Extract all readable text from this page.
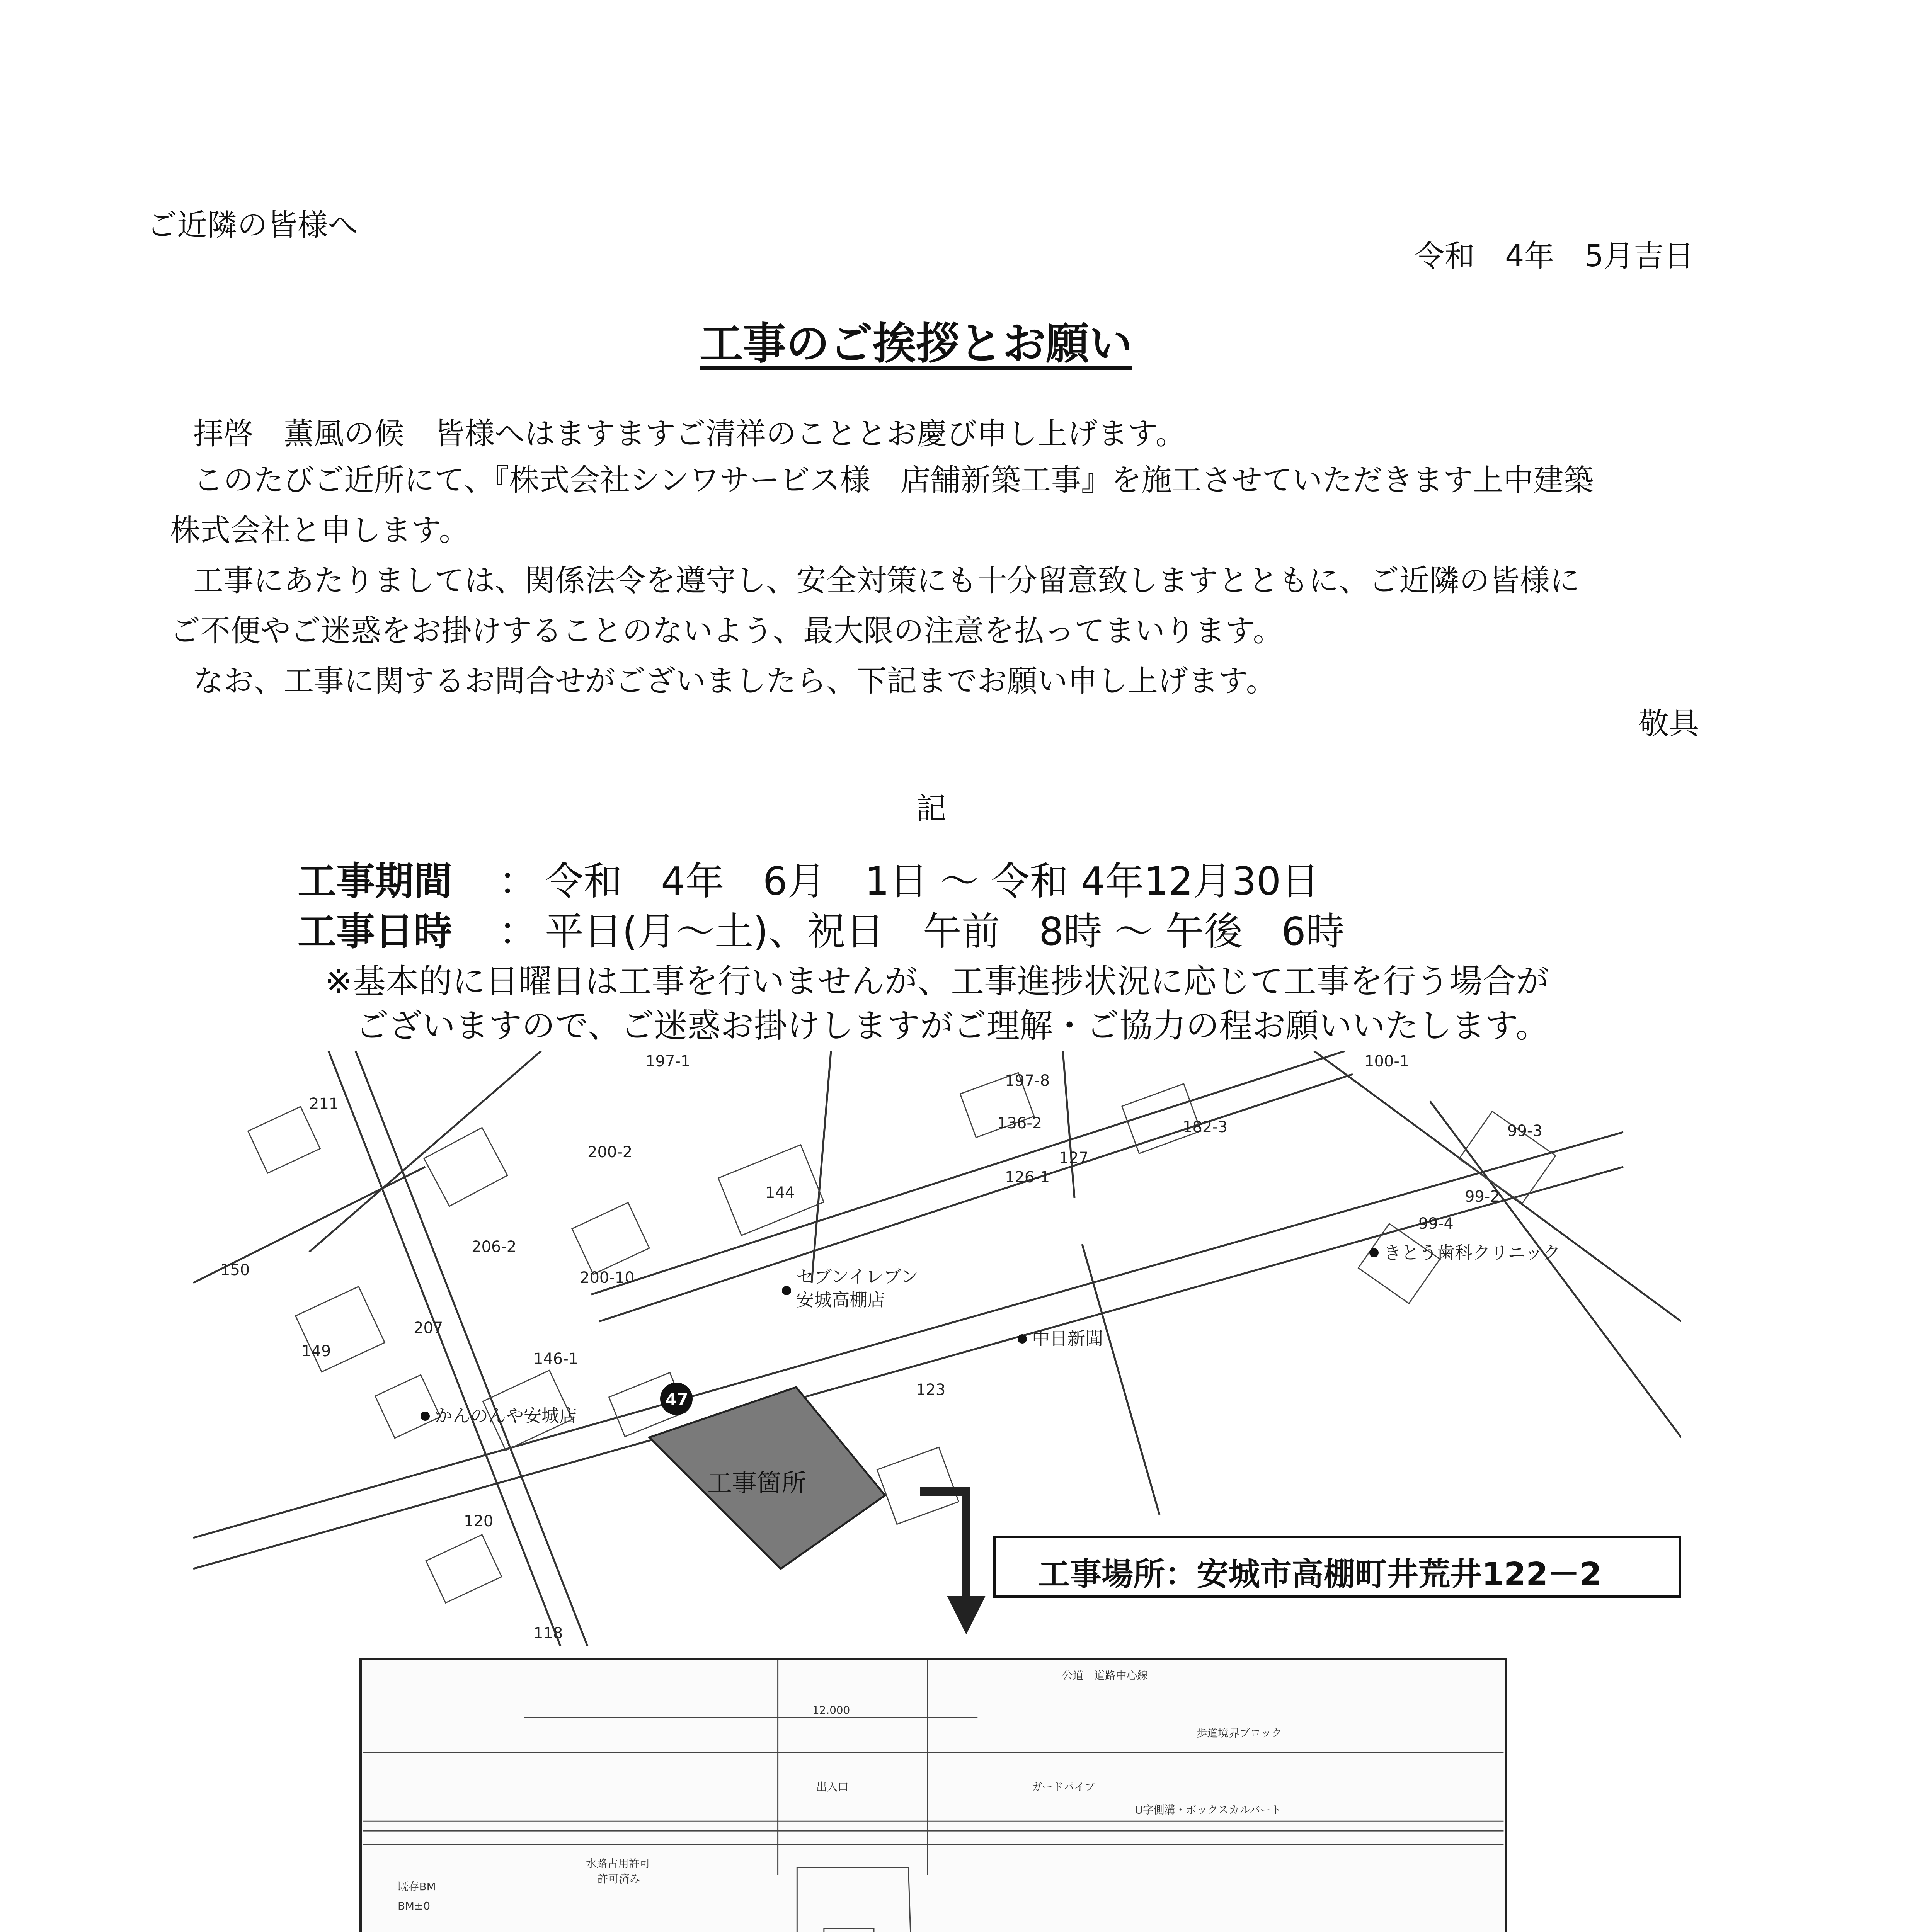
ご近隣の皆様へ
令和　4年　5月吉日
工事のご挨拶とお願い
拝啓　薫風の候　皆様へはますますご清祥のこととお慶び申し上げます。
このたびご近所にて、『株式会社シンワサービス様　店舗新築工事』を施工させていただきます上中建築
株式会社と申します。
工事にあたりましては、関係法令を遵守し、安全対策にも十分留意致しますとともに、ご近隣の皆様に
ご不便やご迷惑をお掛けすることのないよう、最大限の注意を払ってまいります。
なお、工事に関するお問合せがございましたら、下記までお願い申し上げます。
敬具
記
工事期間 ： 令和　4年　6月　1日 ～ 令和 4年12月30日
工事日時 ： 平日(月～土)、祝日　午前　8時 ～ 午後　6時
※基本的に日曜日は工事を行いませんが、工事進捗状況に応じて工事を行う場合が
ございますので、ご迷惑お掛けしますがご理解・ご協力の程お願いいたします。
工事箇所
47
211
197-1
200-2
144
206-2
200-10
150
149
207
146-1
120
118
197-8
136-2	182-3
127
126-1
123
100-1
99-3
99-2
99-4
セブンイレブン
安城高棚店
中日新聞
きとう歯科クリニック
かんのんや安城店
工事場所：安城市高棚町井荒井122－2
公道　道路中心線
12.000
歩道境界ブロック
出入口	ガードパイプ
U字側溝・ボックスカルバート
既存BM
BM±0
水路占用許可
許可済み
